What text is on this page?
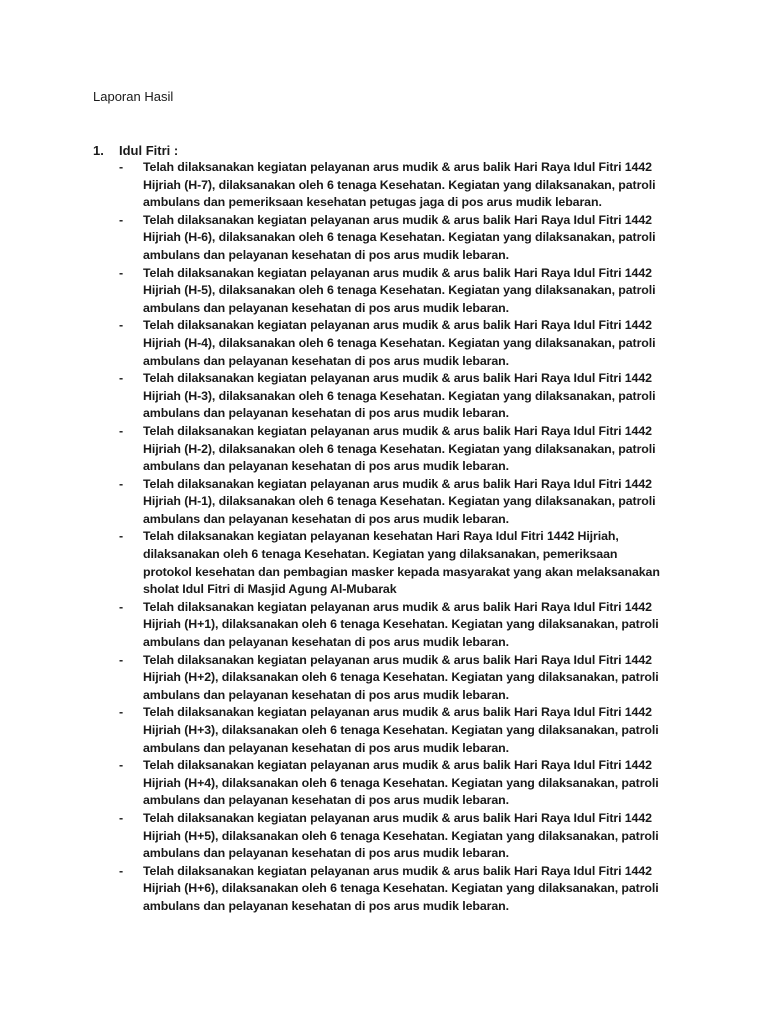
Laporan Hasil
1.	Idul Fitri :
- Telah dilaksanakan kegiatan pelayanan arus mudik & arus balik Hari Raya Idul Fitri 1442 Hijriah (H-7), dilaksanakan oleh 6 tenaga Kesehatan. Kegiatan yang dilaksanakan, patroli ambulans dan pemeriksaan kesehatan petugas jaga di pos arus mudik lebaran.
- Telah dilaksanakan kegiatan pelayanan arus mudik & arus balik Hari Raya Idul Fitri 1442 Hijriah (H-6), dilaksanakan oleh 6 tenaga Kesehatan. Kegiatan yang dilaksanakan, patroli ambulans dan pelayanan kesehatan di pos arus mudik lebaran.
- Telah dilaksanakan kegiatan pelayanan arus mudik & arus balik Hari Raya Idul Fitri 1442 Hijriah (H-5), dilaksanakan oleh 6 tenaga Kesehatan. Kegiatan yang dilaksanakan, patroli ambulans dan pelayanan kesehatan di pos arus mudik lebaran.
- Telah dilaksanakan kegiatan pelayanan arus mudik & arus balik Hari Raya Idul Fitri 1442 Hijriah (H-4), dilaksanakan oleh 6 tenaga Kesehatan. Kegiatan yang dilaksanakan, patroli ambulans dan pelayanan kesehatan di pos arus mudik lebaran.
- Telah dilaksanakan kegiatan pelayanan arus mudik & arus balik Hari Raya Idul Fitri 1442 Hijriah (H-3), dilaksanakan oleh 6 tenaga Kesehatan. Kegiatan yang dilaksanakan, patroli ambulans dan pelayanan kesehatan di pos arus mudik lebaran.
- Telah dilaksanakan kegiatan pelayanan arus mudik & arus balik Hari Raya Idul Fitri 1442 Hijriah (H-2), dilaksanakan oleh 6 tenaga Kesehatan. Kegiatan yang dilaksanakan, patroli ambulans dan pelayanan kesehatan di pos arus mudik lebaran.
- Telah dilaksanakan kegiatan pelayanan arus mudik & arus balik Hari Raya Idul Fitri 1442 Hijriah (H-1), dilaksanakan oleh 6 tenaga Kesehatan. Kegiatan yang dilaksanakan, patroli ambulans dan pelayanan kesehatan di pos arus mudik lebaran.
- Telah dilaksanakan kegiatan pelayanan kesehatan Hari Raya Idul Fitri 1442 Hijriah, dilaksanakan oleh 6 tenaga Kesehatan. Kegiatan yang dilaksanakan, pemeriksaan protokol kesehatan dan pembagian masker kepada masyarakat yang akan melaksanakan sholat Idul Fitri di Masjid Agung Al-Mubarak
- Telah dilaksanakan kegiatan pelayanan arus mudik & arus balik Hari Raya Idul Fitri 1442 Hijriah (H+1), dilaksanakan oleh 6 tenaga Kesehatan. Kegiatan yang dilaksanakan, patroli ambulans dan pelayanan kesehatan di pos arus mudik lebaran.
- Telah dilaksanakan kegiatan pelayanan arus mudik & arus balik Hari Raya Idul Fitri 1442 Hijriah (H+2), dilaksanakan oleh 6 tenaga Kesehatan. Kegiatan yang dilaksanakan, patroli ambulans dan pelayanan kesehatan di pos arus mudik lebaran.
- Telah dilaksanakan kegiatan pelayanan arus mudik & arus balik Hari Raya Idul Fitri 1442 Hijriah (H+3), dilaksanakan oleh 6 tenaga Kesehatan. Kegiatan yang dilaksanakan, patroli ambulans dan pelayanan kesehatan di pos arus mudik lebaran.
- Telah dilaksanakan kegiatan pelayanan arus mudik & arus balik Hari Raya Idul Fitri 1442 Hijriah (H+4), dilaksanakan oleh 6 tenaga Kesehatan. Kegiatan yang dilaksanakan, patroli ambulans dan pelayanan kesehatan di pos arus mudik lebaran.
- Telah dilaksanakan kegiatan pelayanan arus mudik & arus balik Hari Raya Idul Fitri 1442 Hijriah (H+5), dilaksanakan oleh 6 tenaga Kesehatan. Kegiatan yang dilaksanakan, patroli ambulans dan pelayanan kesehatan di pos arus mudik lebaran.
- Telah dilaksanakan kegiatan pelayanan arus mudik & arus balik Hari Raya Idul Fitri 1442 Hijriah (H+6), dilaksanakan oleh 6 tenaga Kesehatan. Kegiatan yang dilaksanakan, patroli ambulans dan pelayanan kesehatan di pos arus mudik lebaran.
